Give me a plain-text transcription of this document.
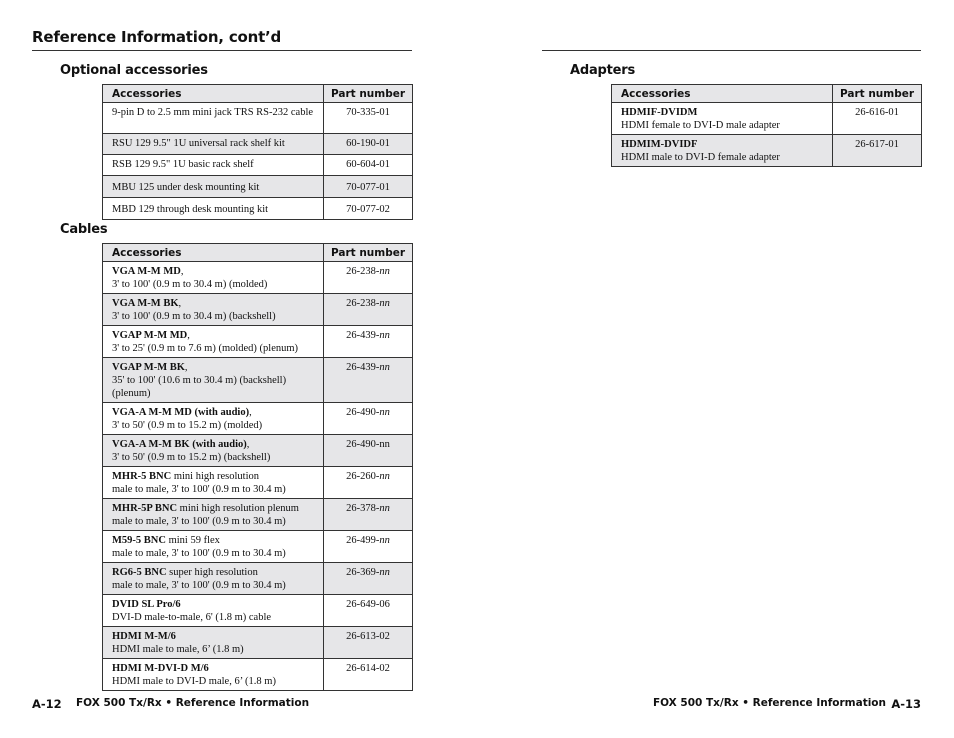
Reference Information, cont’d
Optional accessories
Accessories	Part number
9-pin D to 2.5 mm mini jack TRS RS-232 cable	70-335-01
RSU 129 9.5" 1U universal rack shelf kit	60-190-01
RSB 129 9.5" 1U basic rack shelf	60-604-01
MBU 125 under desk mounting kit	70-077-01
MBD 129 through desk mounting kit	70-077-02
Cables
Accessories	Part number
VGA M-M MD,
3' to 100' (0.9 m to 30.4 m) (molded)	26-238-nn
VGA M-M BK,
3' to 100' (0.9 m to 30.4 m) (backshell)	26-238-nn
VGAP M-M MD,
3' to 25' (0.9 m to 7.6 m) (molded) (plenum)	26-439-nn
VGAP M-M BK,
35' to 100' (10.6 m to 30.4 m) (backshell) (plenum)	26-439-nn
VGA-A M-M MD (with audio),
3' to 50' (0.9 m to 15.2 m) (molded)	26-490-nn
VGA-A M-M BK (with audio),
3' to 50' (0.9 m to 15.2 m) (backshell)	26-490-nn
MHR-5 BNC mini high resolution
male to male, 3' to 100' (0.9 m to 30.4 m)	26-260-nn
MHR-5P BNC mini high resolution plenum
male to male, 3' to 100' (0.9 m to 30.4 m)	26-378-nn
M59-5 BNC mini 59 flex
male to male, 3' to 100' (0.9 m to 30.4 m)	26-499-nn
RG6-5 BNC super high resolution
male to male, 3' to 100' (0.9 m to 30.4 m)	26-369-nn
DVID SL Pro/6
DVI-D male-to-male, 6' (1.8 m) cable	26-649-06
HDMI M-M/6
HDMI male to male, 6’ (1.8 m)	26-613-02
HDMI M-DVI-D M/6
HDMI male to DVI-D male, 6’ (1.8 m)	26-614-02
Adapters
Accessories	Part number
HDMIF-DVIDM
HDMI female to DVI-D male adapter	26-616-01
HDMIM-DVIDF
HDMI male to DVI-D female adapter	26-617-01
A-12 FOX 500 Tx/Rx • Reference Information	FOX 500 Tx/Rx • Reference Information A-13
